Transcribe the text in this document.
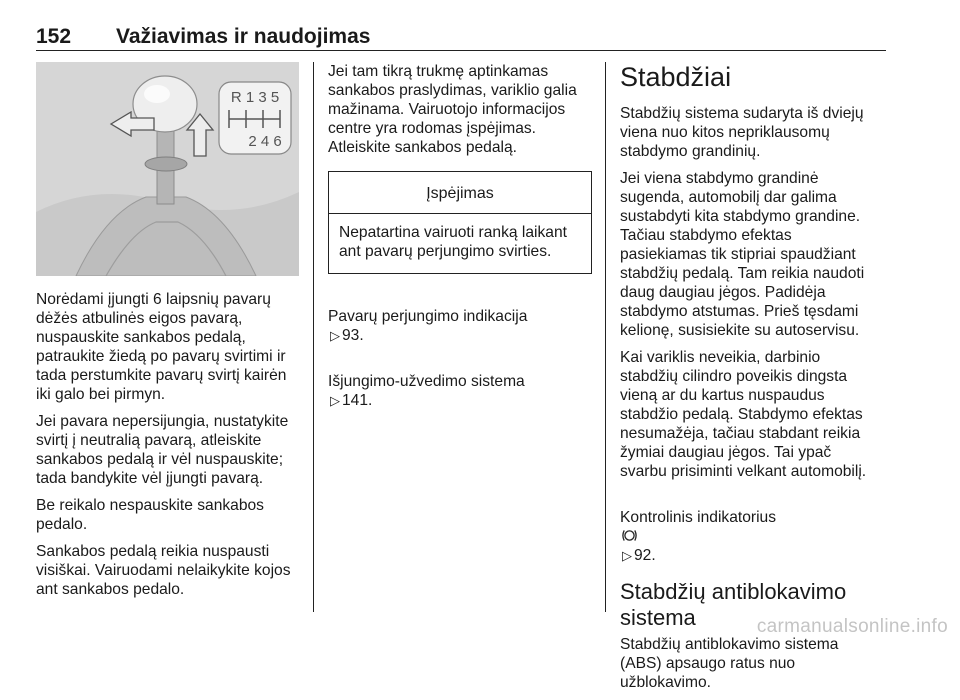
152 Važiavimas ir naudojimas
R 1 3 5
2 4 6

Norėdami įjungti 6 laipsnių pavarų
dėžės atbulinės eigos pavarą,
nuspauskite sankabos pedalą,
patraukite žiedą po pavarų svirtimi ir
tada perstumkite pavarų svirtį kairėn
iki galo bei pirmyn.

Jei pavara nepersijungia, nustatykite
svirtį į neutralią pavarą, atleiskite
sankabos pedalą ir vėl nuspauskite;
tada bandykite vėl įjungti pavarą.

Be reikalo nespauskite sankabos
pedalo.

Sankabos pedalą reikia nuspausti
visiškai. Vairuodami nelaikykite kojos
ant sankabos pedalo.

Jei tam tikrą trukmę aptinkamas
sankabos praslydimas, variklio galia
mažinama. Vairuotojo informacijos
centre yra rodomas įspėjimas.
Atleiskite sankabos pedalą.

Įspėjimas
Nepatartina vairuoti ranką laikant
ant pavarų perjungimo svirties.

Pavarų perjungimo indikacija
▷ 93.

Išjungimo-užvedimo sistema
▷ 141.

Stabdžiai

Stabdžių sistema sudaryta iš dviejų
viena nuo kitos nepriklausomų
stabdymo grandinių.

Jei viena stabdymo grandinė
sugenda, automobilį dar galima
sustabdyti kita stabdymo grandine.
Tačiau stabdymo efektas
pasiekiamas tik stipriai spaudžiant
stabdžių pedalą. Tam reikia naudoti
daug daugiau jėgos. Padidėja
stabdymo atstumas. Prieš tęsdami
kelionę, susisiekite su autoservisu.

Kai variklis neveikia, darbinio
stabdžių cilindro poveikis dingsta
vieną ar du kartus nuspaudus
stabdžio pedalą. Stabdymo efektas
nesumažėja, tačiau stabdant reikia
žymiai daugiau jėgos. Tai ypač
svarbu prisiminti velkant automobilį.

Kontrolinis indikatorius

▷ 92.

Stabdžių antiblokavimo
sistema

Stabdžių antiblokavimo sistema
(ABS) apsaugo ratus nuo
užblokavimo.

carmanualsonline.info
